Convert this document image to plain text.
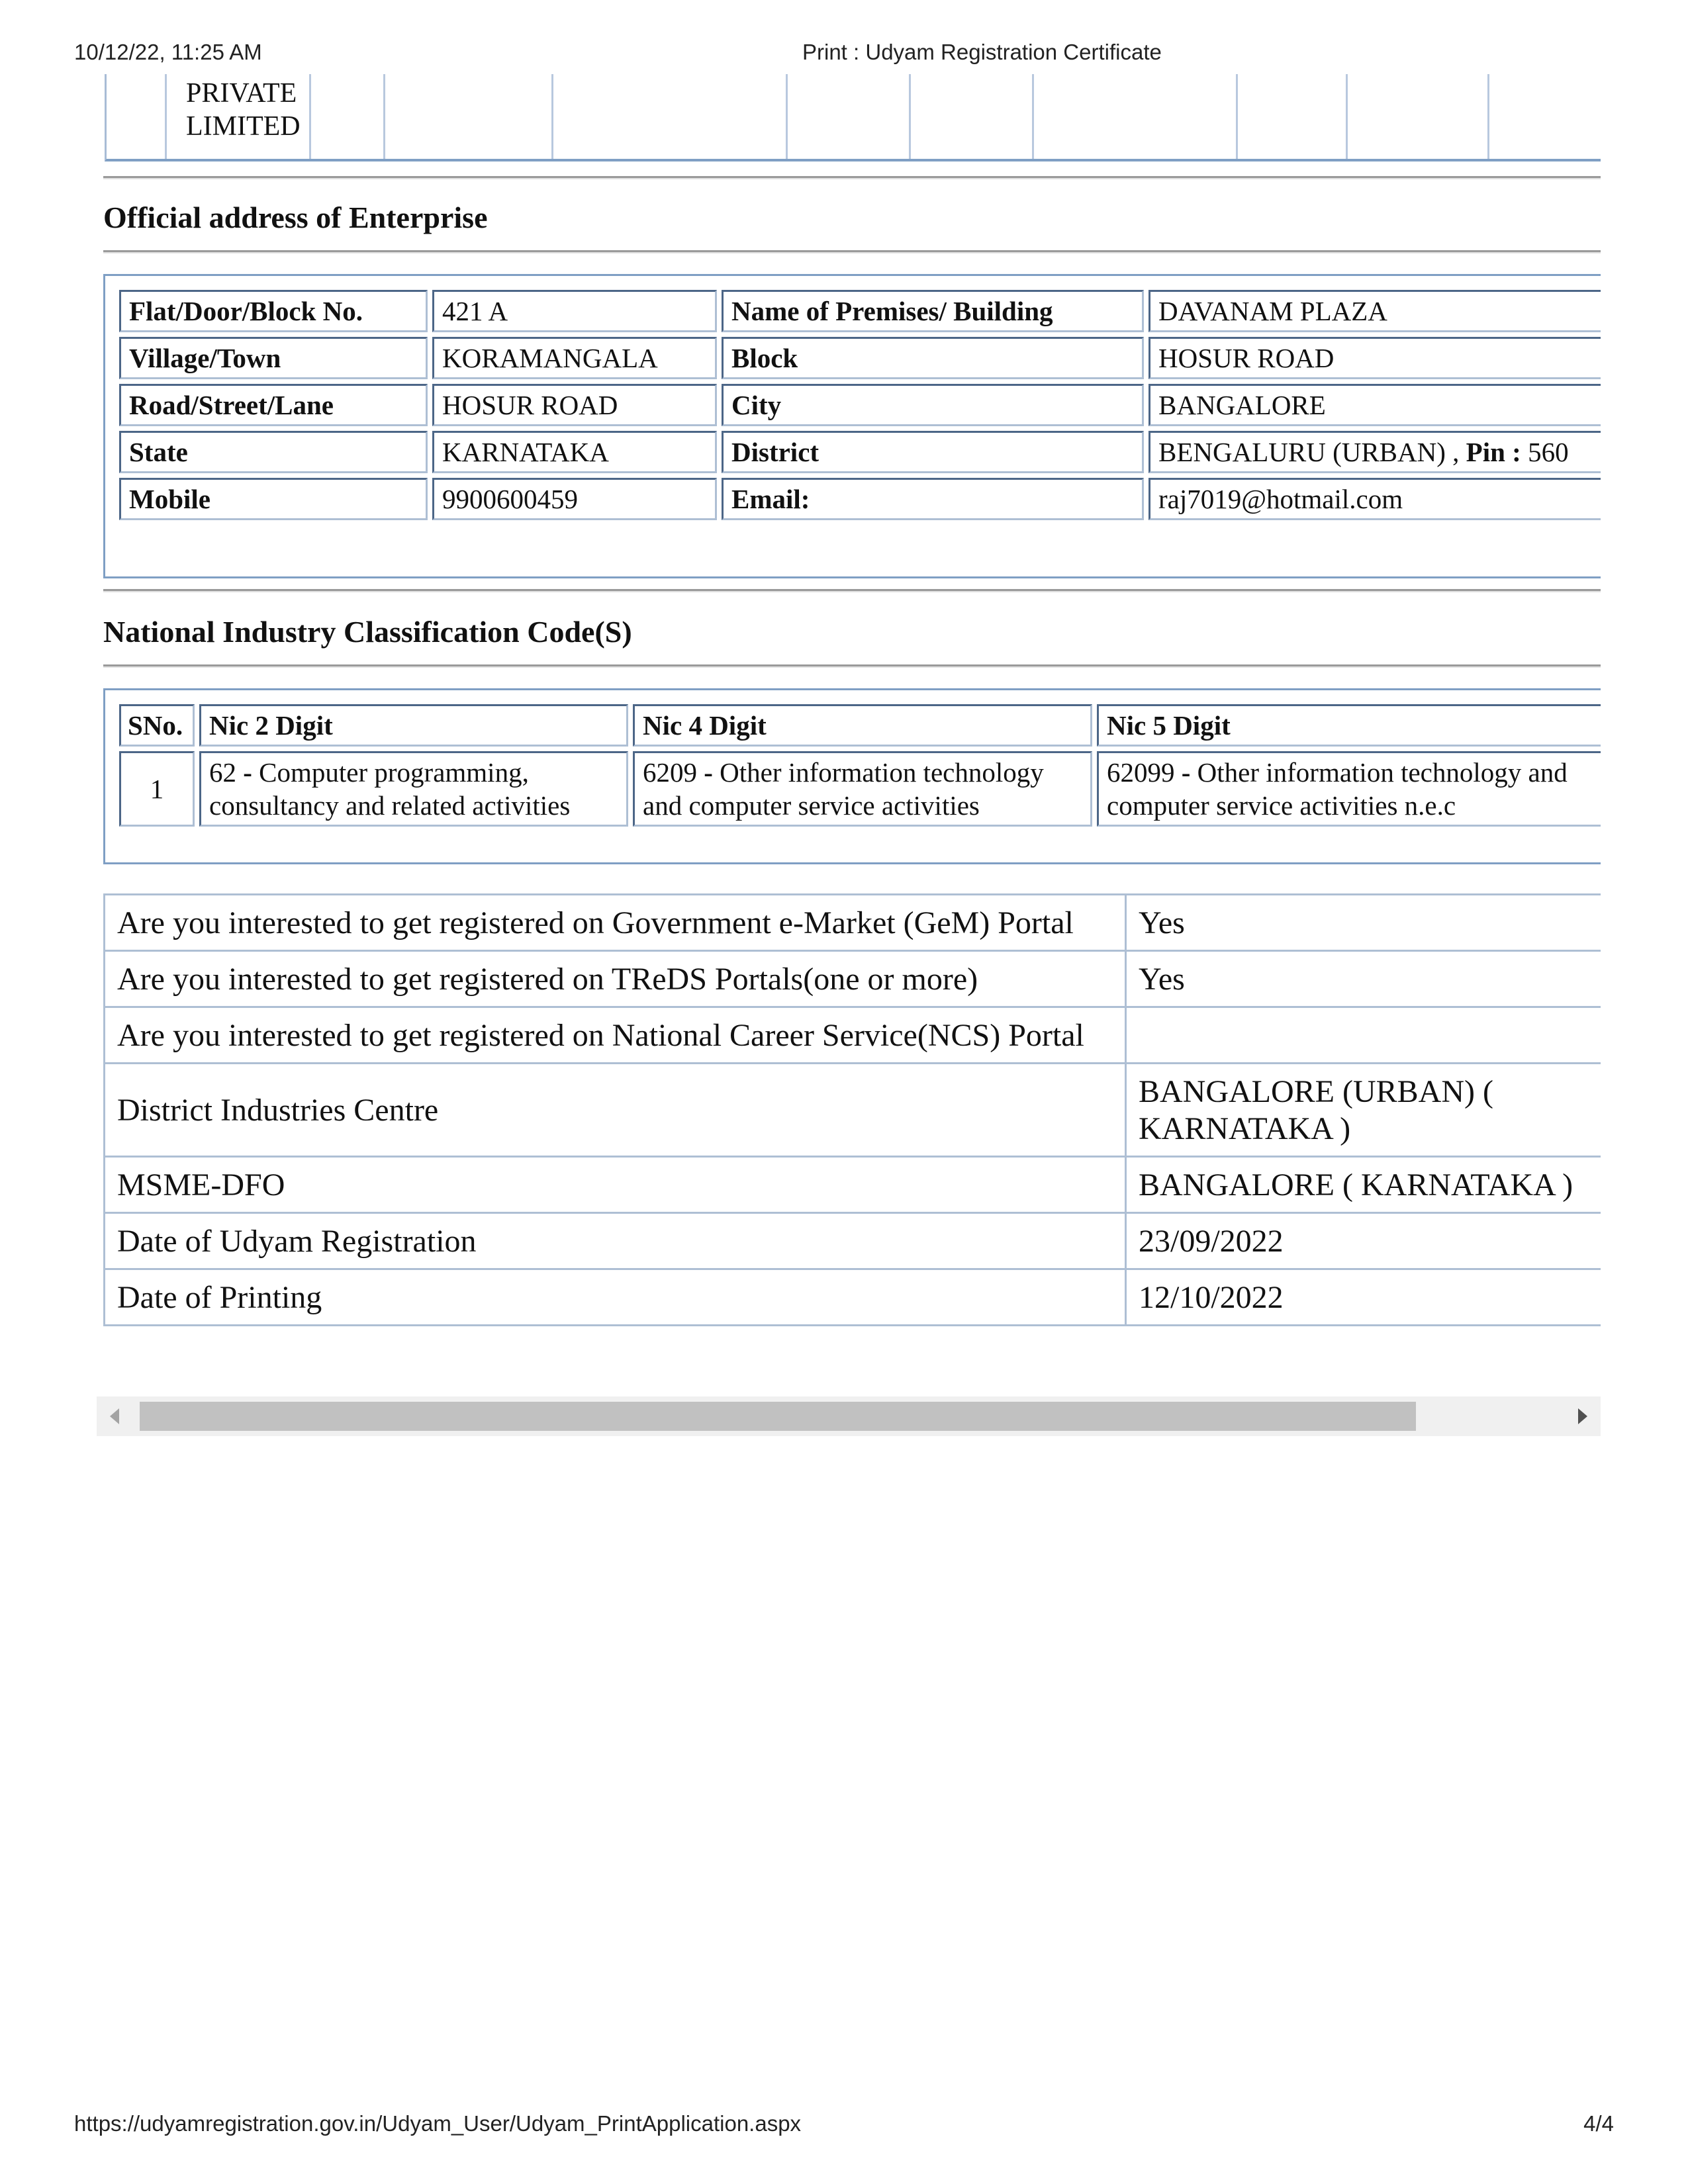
10/12/22, 11:25 AM	Print : Udyam Registration Certificate
PRIVATE
LIMITED
Official address of Enterprise
Flat/Door/Block No.	421 A	Name of Premises/ Building	DAVANAM PLAZA
Village/Town	KORAMANGALA	Block	HOSUR ROAD
Road/Street/Lane	HOSUR ROAD	City	BANGALORE
State	KARNATAKA	District	BENGALURU (URBAN) , Pin : 560
Mobile	9900600459	Email:	raj7019@hotmail.com
National Industry Classification Code(S)
SNo.	Nic 2 Digit	Nic 4 Digit	Nic 5 Digit
1	62 - Computer programming, consultancy and related activities	6209 - Other information technology and computer service activities	62099 - Other information technology and computer service activities n.e.c
Are you interested to get registered on Government e-Market (GeM) Portal	Yes
Are you interested to get registered on TReDS Portals(one or more)	Yes
Are you interested to get registered on National Career Service(NCS) Portal	
District Industries Centre	BANGALORE (URBAN) ( KARNATAKA )
MSME-DFO	BANGALORE ( KARNATAKA )
Date of Udyam Registration	23/09/2022
Date of Printing	12/10/2022
https://udyamregistration.gov.in/Udyam_User/Udyam_PrintApplication.aspx	4/4
